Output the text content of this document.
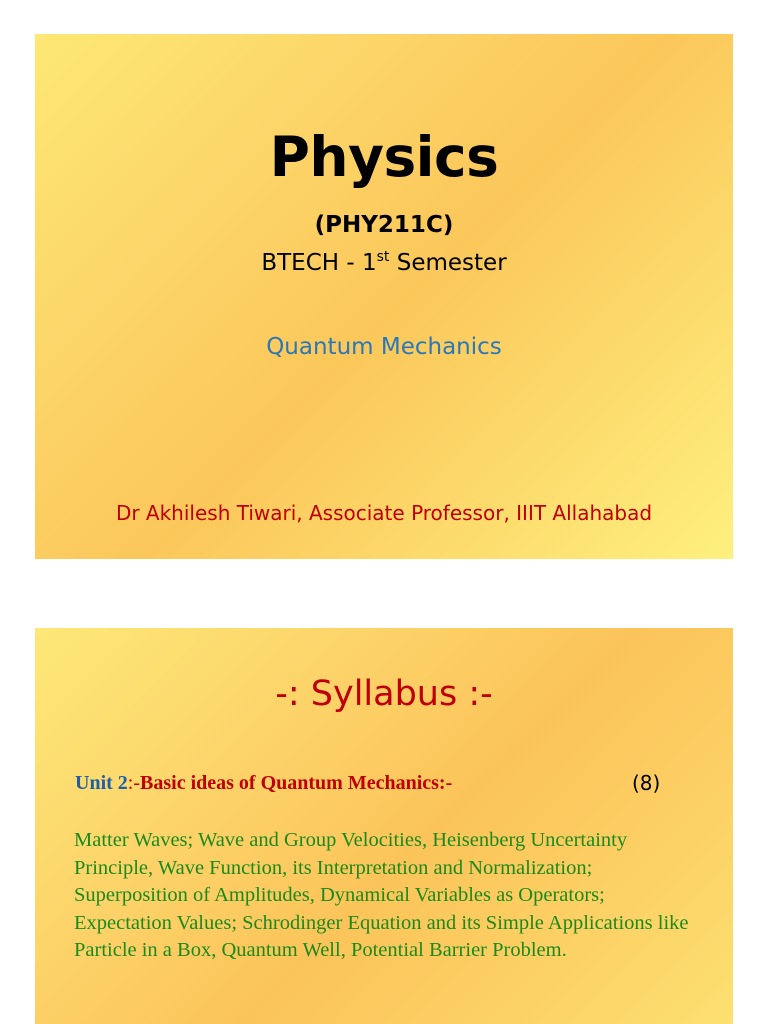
Physics
(PHY211C)
BTECH - 1st Semester
Quantum Mechanics
Dr Akhilesh Tiwari, Associate Professor, IIIT Allahabad
-: Syllabus :-
Unit 2:-Basic ideas of Quantum Mechanics:-	(8)
Matter Waves; Wave and Group Velocities, Heisenberg Uncertainty Principle, Wave Function, its Interpretation and Normalization; Superposition of Amplitudes, Dynamical Variables as Operators; Expectation Values; Schrodinger Equation and its Simple Applications like Particle in a Box, Quantum Well, Potential Barrier Problem.
